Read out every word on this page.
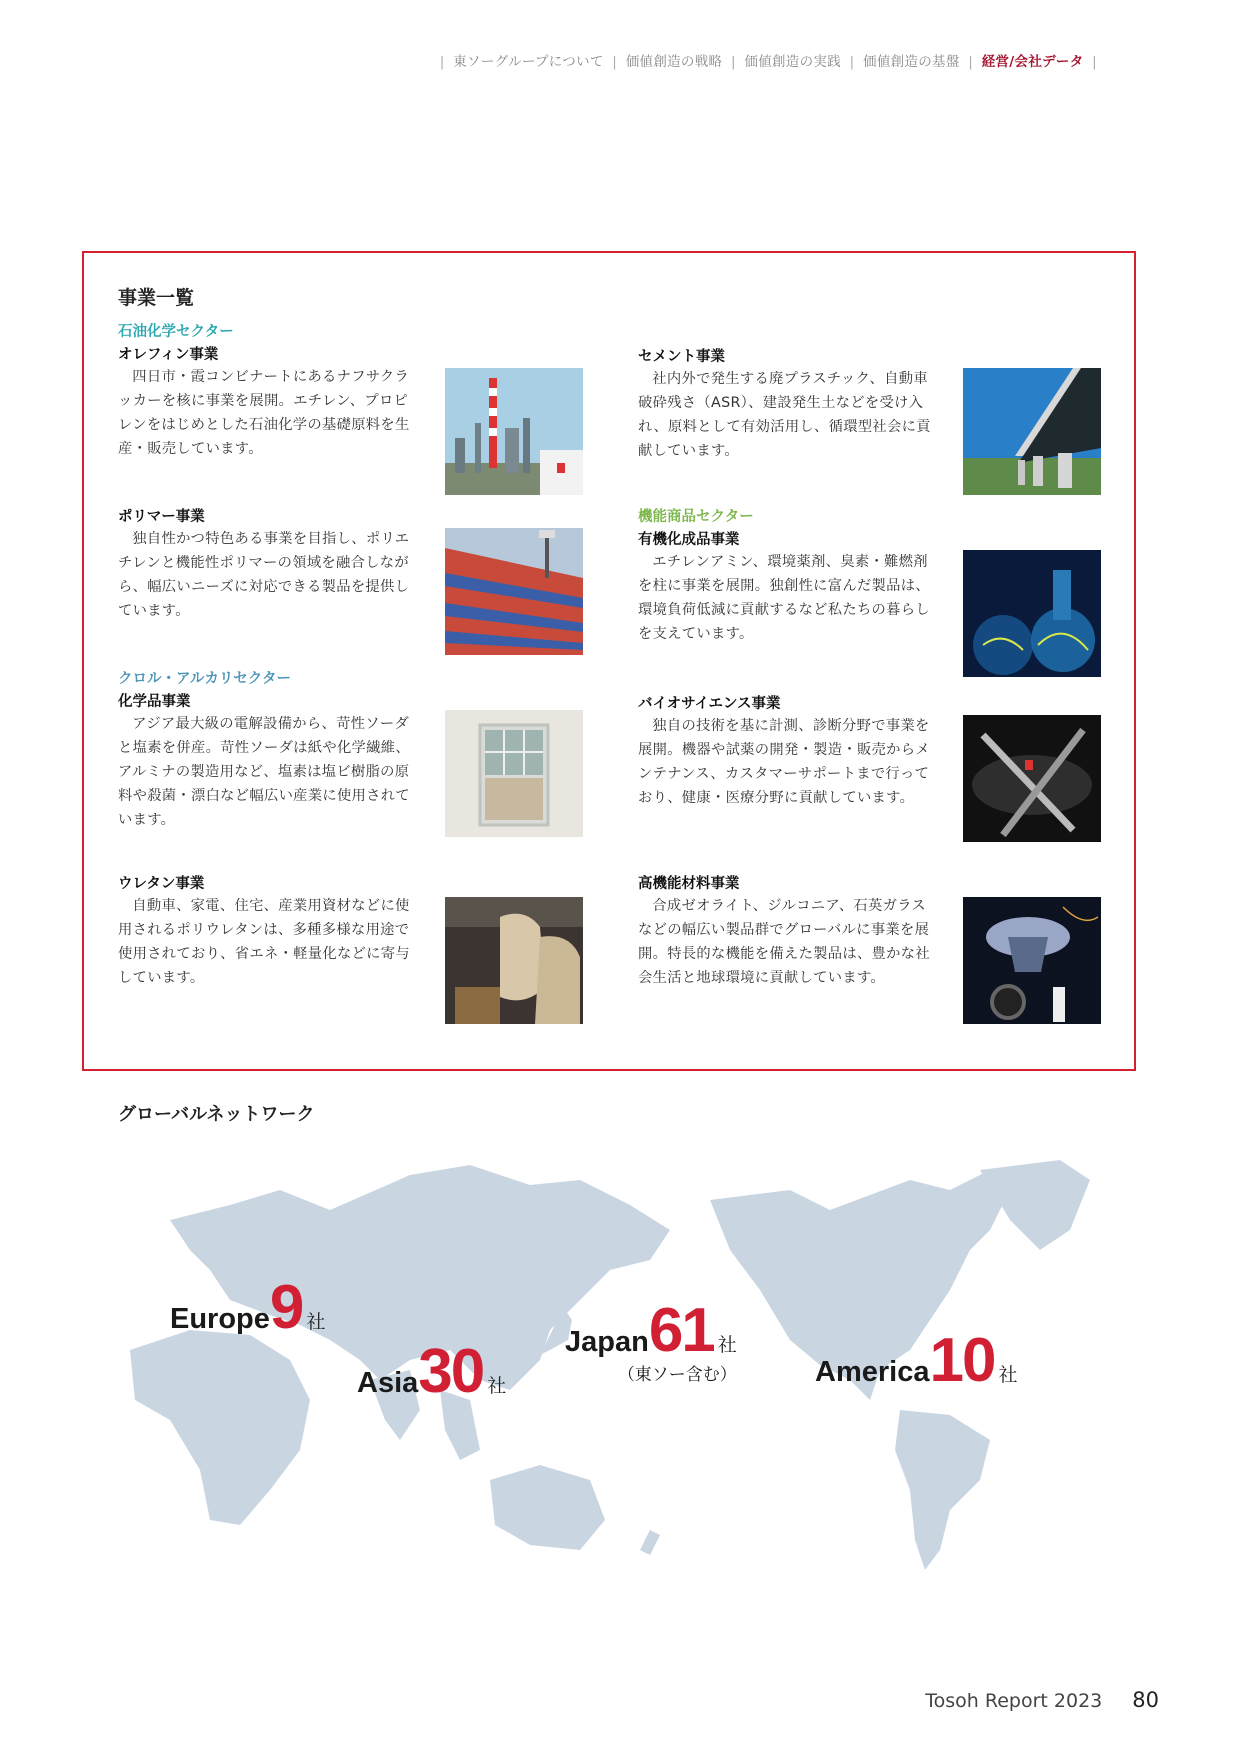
| 東ソーグループについて | 価値創造の戦略 | 価値創造の実践 | 価値創造の基盤 | 経営/会社データ |
事業一覧
石油化学セクター
オレフィン事業
四日市・霞コンビナートにあるナフサクラッカーを核に事業を展開。エチレン、プロピレンをはじめとした石油化学の基礎原料を生産・販売しています。
ポリマー事業
独自性かつ特色ある事業を目指し、ポリエチレンと機能性ポリマーの領域を融合しながら、幅広いニーズに対応できる製品を提供しています。
クロル・アルカリセクター
化学品事業
アジア最大級の電解設備から、苛性ソーダと塩素を併産。苛性ソーダは紙や化学繊維、アルミナの製造用など、塩素は塩ビ樹脂の原料や殺菌・漂白など幅広い産業に使用されています。
ウレタン事業
自動車、家電、住宅、産業用資材などに使用されるポリウレタンは、多種多様な用途で使用されており、省エネ・軽量化などに寄与しています。
セメント事業
社内外で発生する廃プラスチック、自動車破砕残さ（ASR）、建設発生土などを受け入れ、原料として有効活用し、循環型社会に貢献しています。
機能商品セクター
有機化成品事業
エチレンアミン、環境薬剤、臭素・難燃剤を柱に事業を展開。独創性に富んだ製品は、環境負荷低減に貢献するなど私たちの暮らしを支えています。
バイオサイエンス事業
独自の技術を基に計測、診断分野で事業を展開。機器や試薬の開発・製造・販売からメンテナンス、カスタマーサポートまで行っており、健康・医療分野に貢献しています。
高機能材料事業
合成ゼオライト、ジルコニア、石英ガラスなどの幅広い製品群でグローバルに事業を展開。特長的な機能を備えた製品は、豊かな社会生活と地球環境に貢献しています。
グローバルネットワーク
Europe9 社
Asia30 社
Japan61 社
（東ソー含む）	America10 社
Tosoh Report 2023 80
